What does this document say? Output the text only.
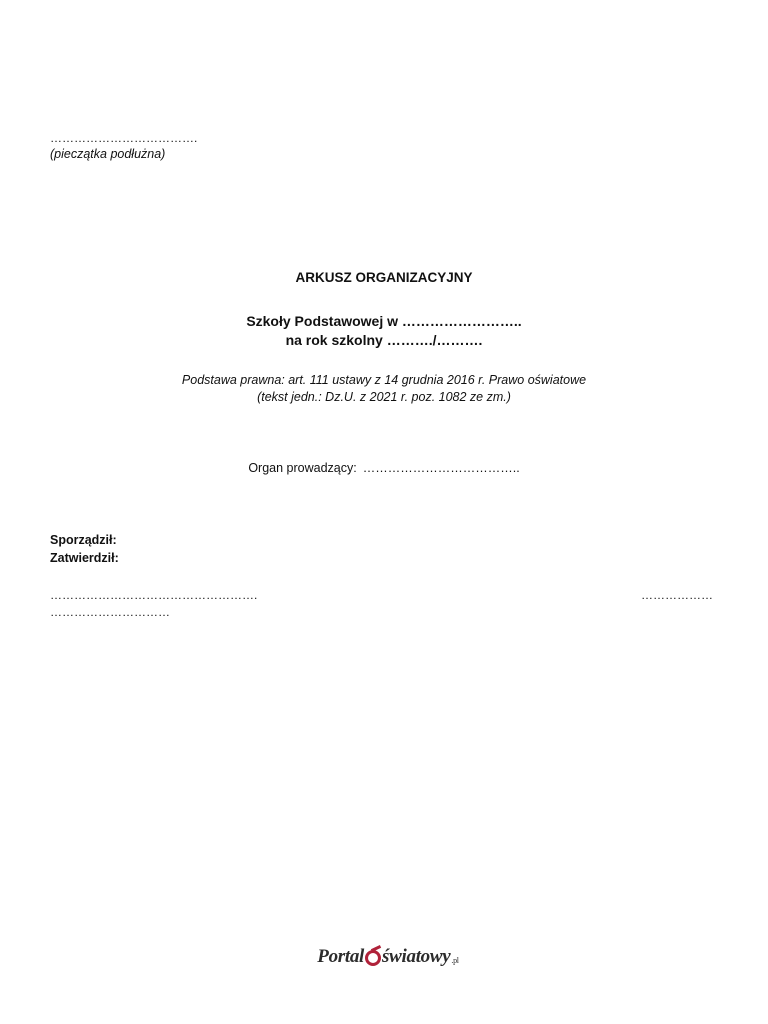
……………………………….
(pieczątka podłużna)
ARKUSZ ORGANIZACYJNY
Szkoły Podstawowej w ……………………..
na rok szkolny ………./……….
Podstawa prawna: art. 111 ustawy z 14 grudnia 2016 r. Prawo oświatowe
(tekst jedn.: Dz.U. z 2021 r. poz. 1082 ze zm.)
Organ prowadzący: ………………………………..
Sporządził:
Zatwierdził:
…………………………………………….	………………
…………………………
Portal światowy .pl
